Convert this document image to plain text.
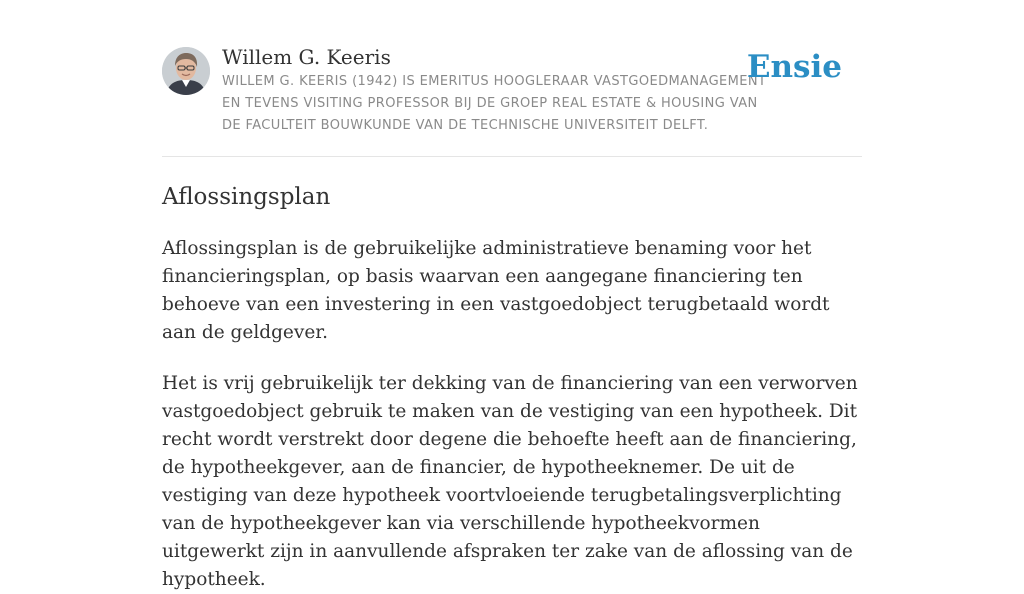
Willem G. Keeris
WILLEM G. KEERIS (1942) IS EMERITUS HOOGLERAAR VASTGOEDMANAGEMENT EN TEVENS VISITING PROFESSOR BIJ DE GROEP REAL ESTATE & HOUSING VAN DE FACULTEIT BOUWKUNDE VAN DE TECHNISCHE UNIVERSITEIT DELFT.
Ensie
Aflossingsplan

Aflossingsplan is de gebruikelijke administratieve benaming voor het financieringsplan, op basis waarvan een aangegane financiering ten behoeve van een investering in een vastgoedobject terugbetaald wordt aan de geldgever.

Het is vrij gebruikelijk ter dekking van de financiering van een verworven vastgoedobject gebruik te maken van de vestiging van een hypotheek. Dit recht wordt verstrekt door degene die behoefte heeft aan de financiering, de hypotheekgever, aan de financier, de hypotheeknemer. De uit de vestiging van deze hypotheek voortvloeiende terugbetalingsverplichting van de hypotheekgever kan via verschillende hypotheekvormen uitgewerkt zijn in aanvullende afspraken ter zake van de aflossing van de hypotheek.
